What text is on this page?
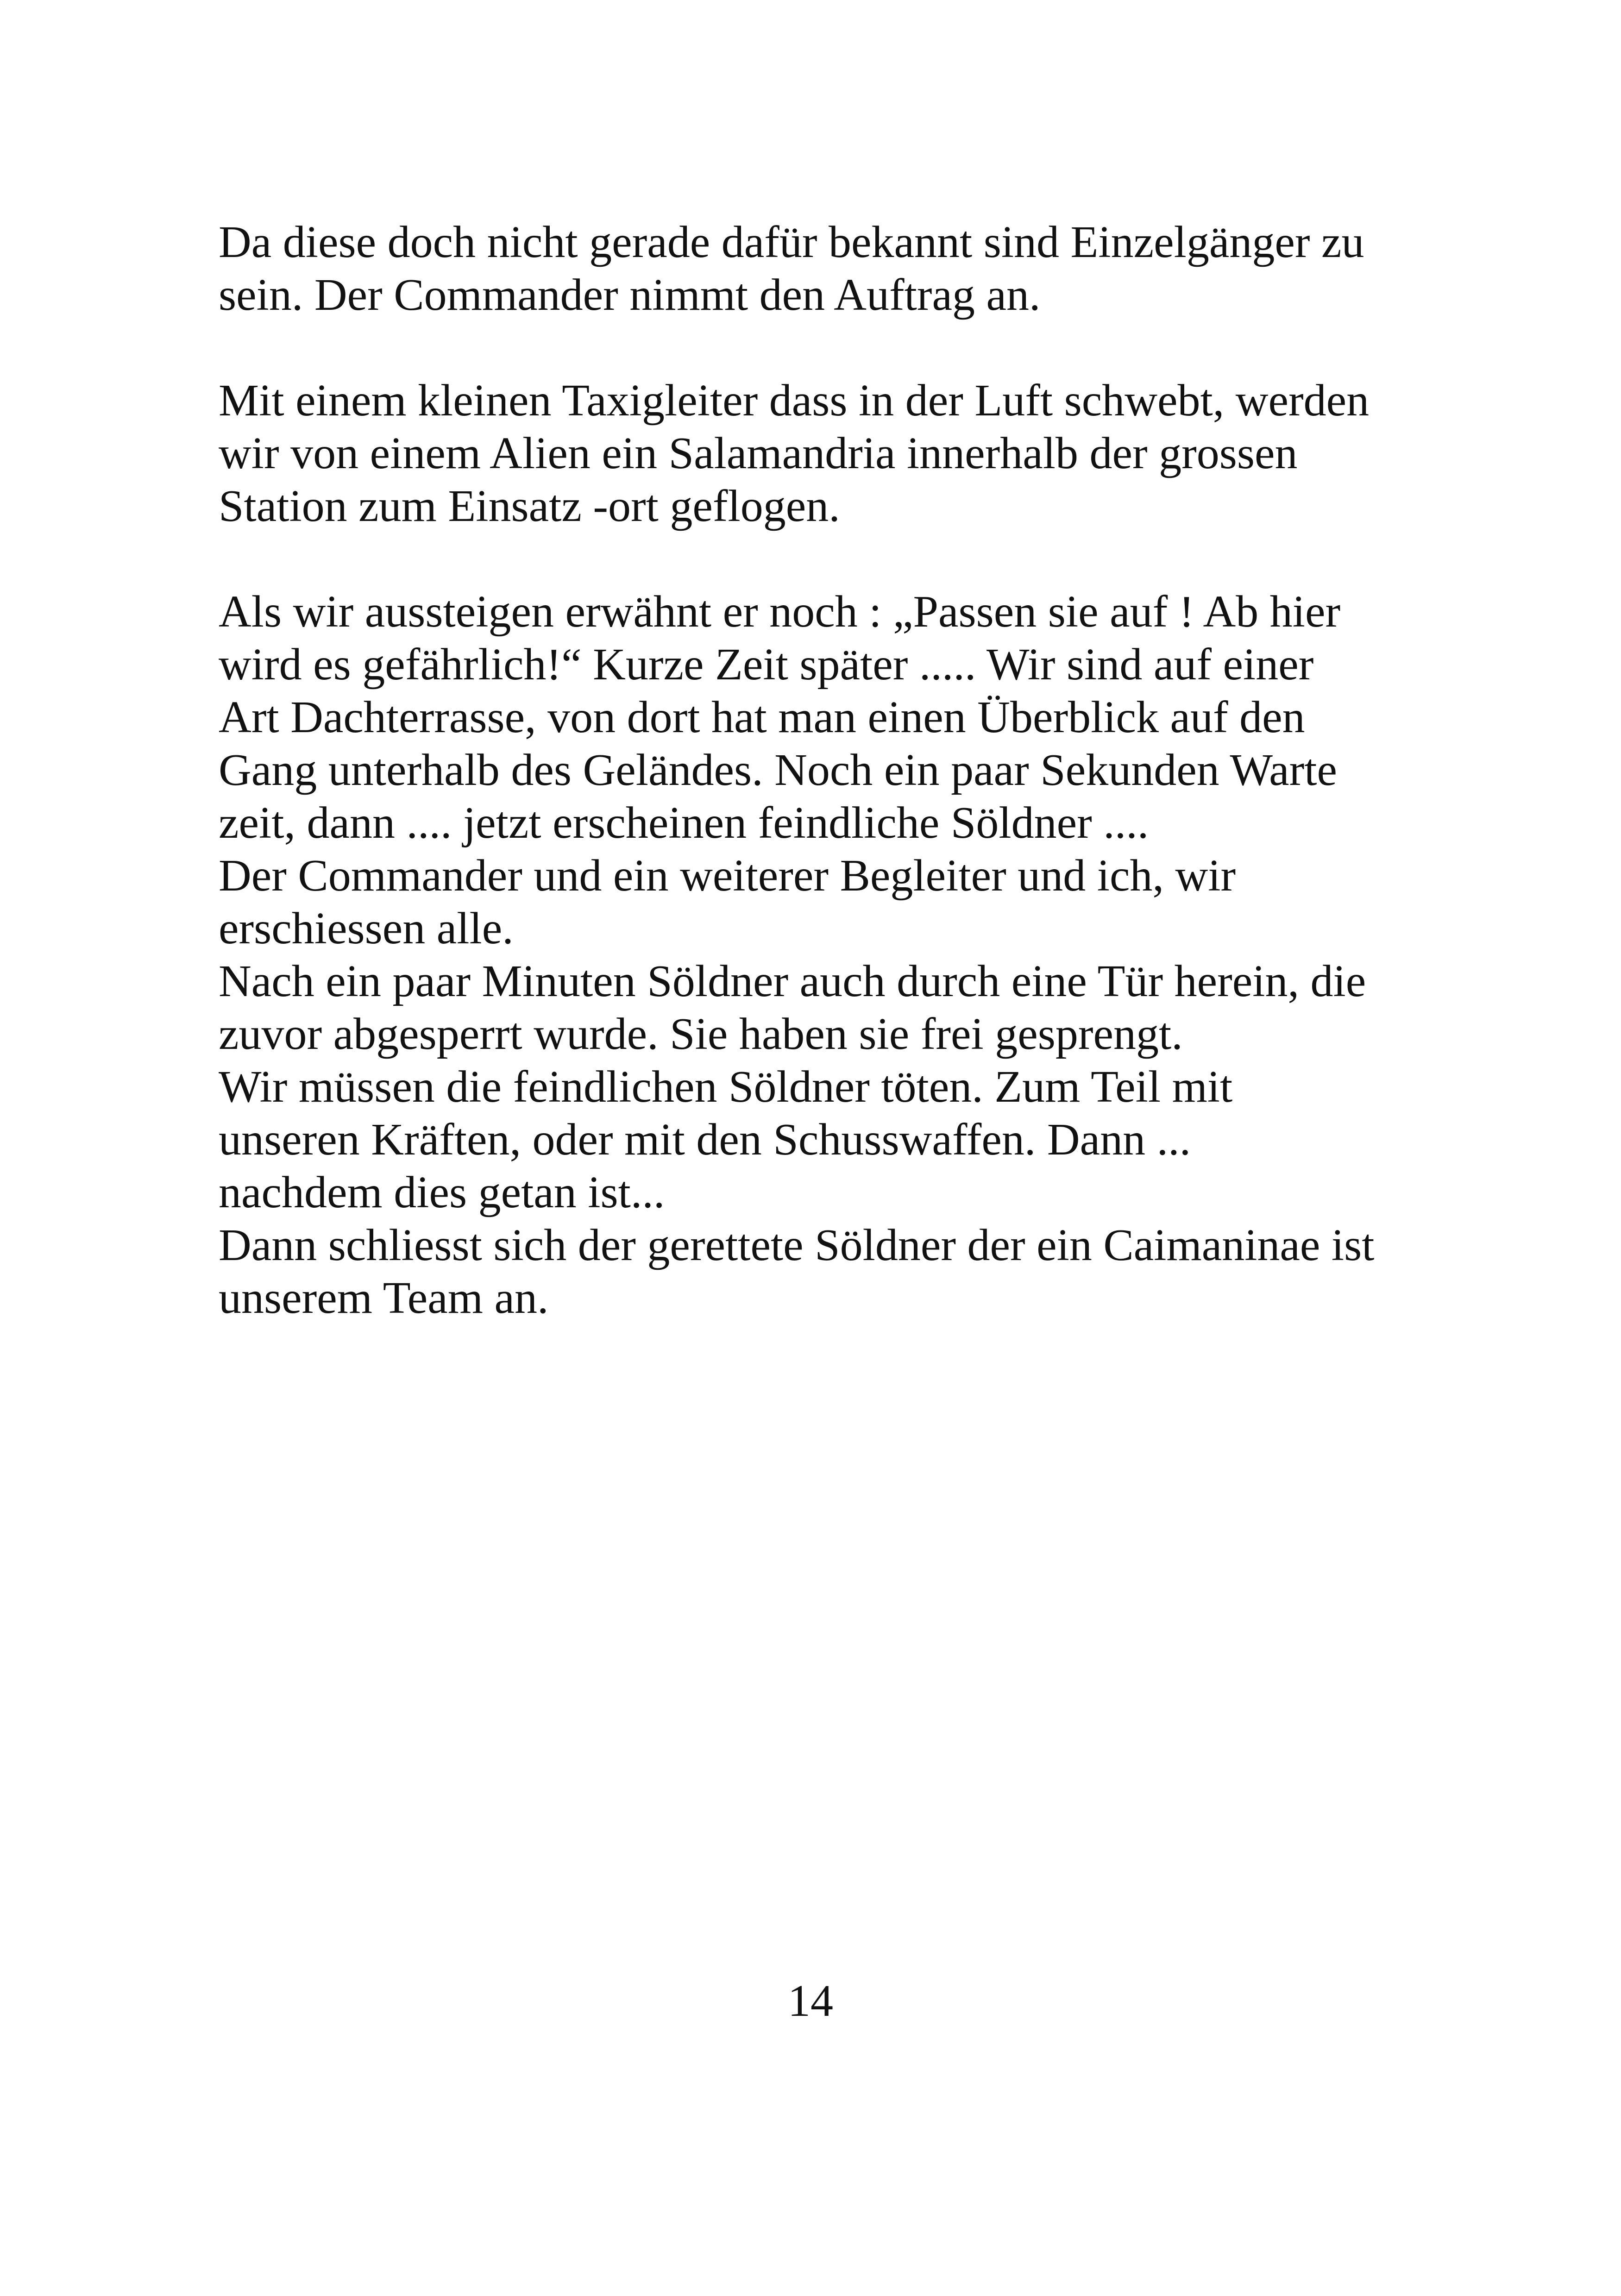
Da diese doch nicht gerade dafür bekannt sind Einzelgänger zu
sein. Der Commander nimmt den Auftrag an.
Mit einem kleinen Taxigleiter dass in der Luft schwebt, werden
wir von einem Alien ein Salamandria innerhalb der grossen
Station zum Einsatz -ort geflogen.
Als wir aussteigen erwähnt er noch : „Passen sie auf ! Ab hier
wird es gefährlich!“ Kurze Zeit später ..... Wir sind auf einer
Art Dachterrasse, von dort hat man einen Überblick auf den
Gang unterhalb des Geländes. Noch ein paar Sekunden Warte
zeit, dann .... jetzt erscheinen feindliche Söldner ....
Der Commander und ein weiterer Begleiter und ich, wir
erschiessen alle.
Nach ein paar Minuten Söldner auch durch eine Tür herein, die
zuvor abgesperrt wurde. Sie haben sie frei gesprengt.
Wir müssen die feindlichen Söldner töten. Zum Teil mit
unseren Kräften, oder mit den Schusswaffen. Dann ...
nachdem dies getan ist...
Dann schliesst sich der gerettete Söldner der ein Caimaninae ist
unserem Team an.
14
